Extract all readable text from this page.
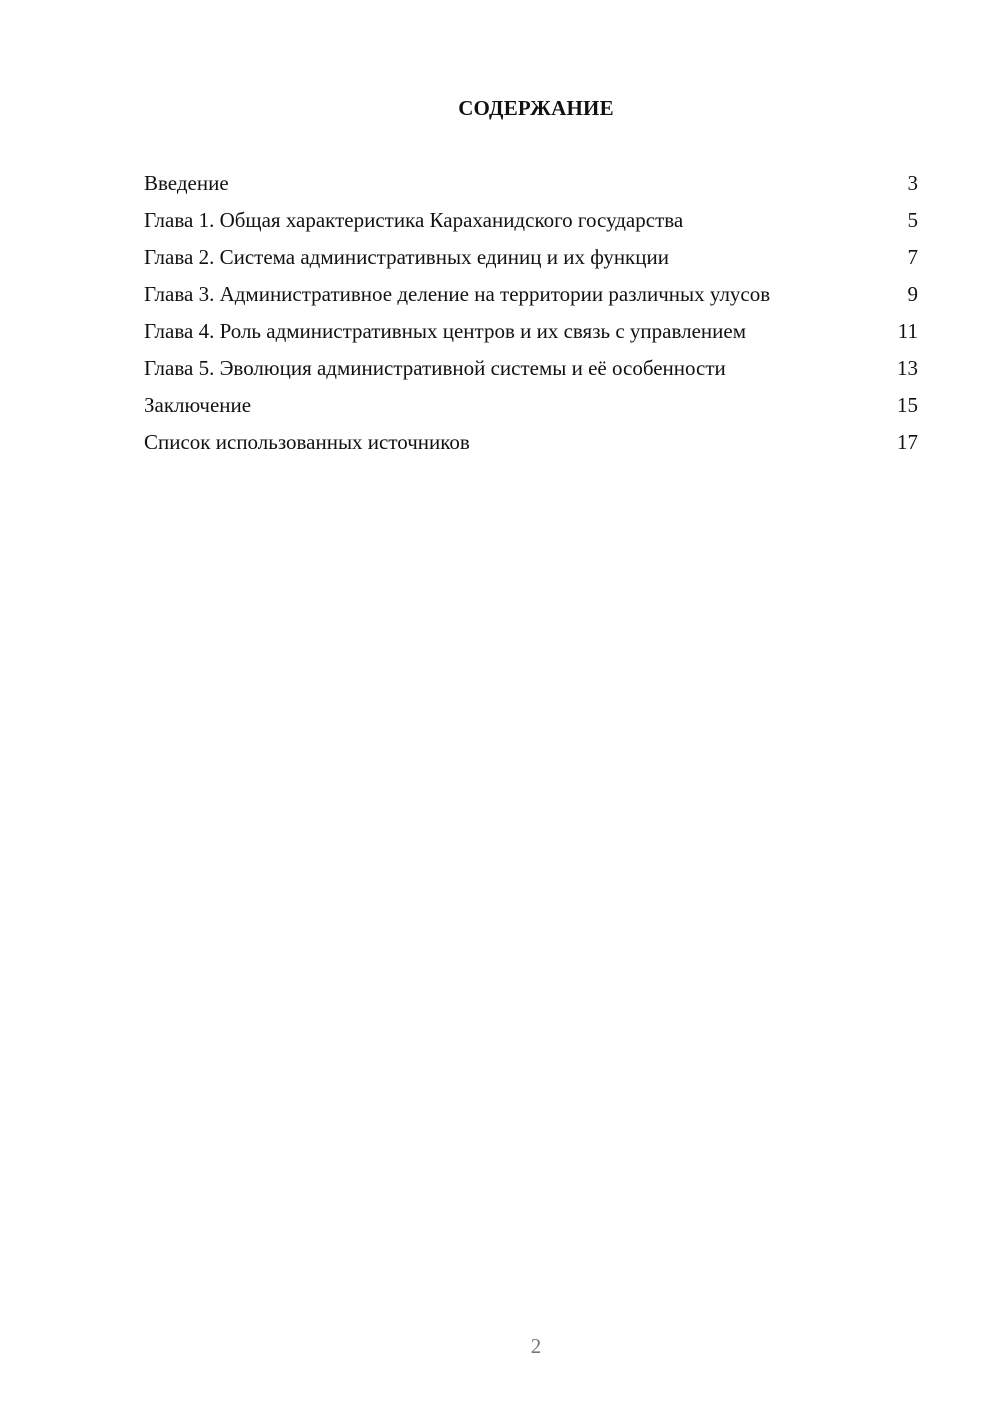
СОДЕРЖАНИЕ
Введение	3
Глава 1. Общая характеристика Караханидского государства	5
Глава 2. Система административных единиц и их функции	7
Глава 3. Административное деление на территории различных улусов	9
Глава 4. Роль административных центров и их связь с управлением	11
Глава 5. Эволюция административной системы и её особенности	13
Заключение	15
Список использованных источников	17
2
